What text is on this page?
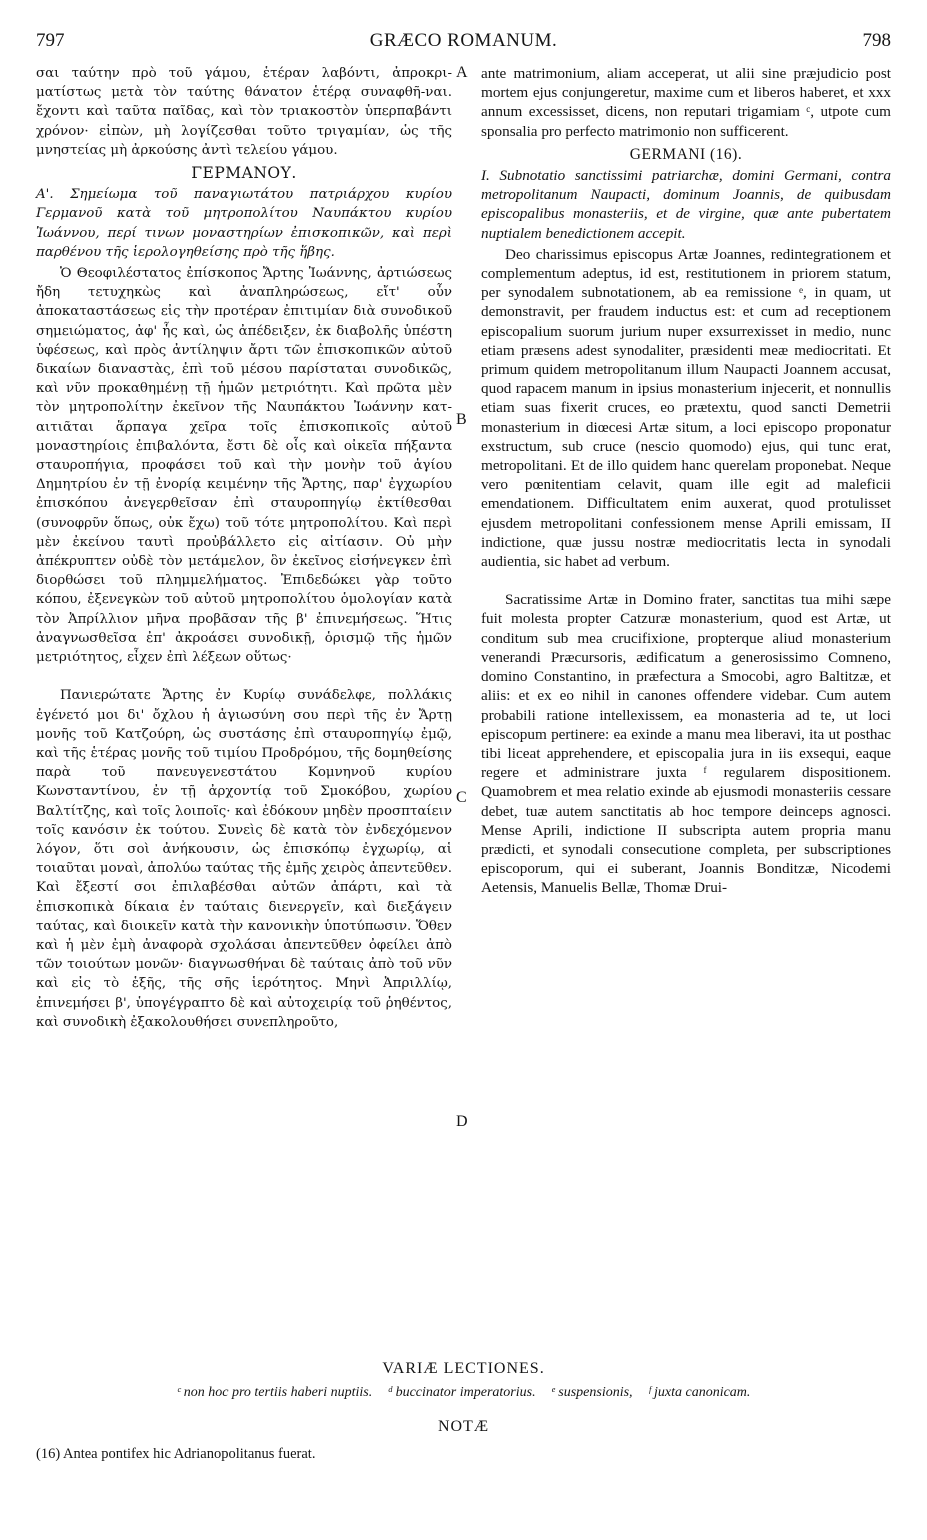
797	GRÆCO ROMANUM.	798
A
B
C
D

σαι ταύτην πρὸ τοῦ γάμου, ἑτέραν λαβόντι, ἀπροκρι-ματίστως μετὰ τὸν ταύτης θάνατον ἑτέρᾳ συναφθῆ-ναι. ἔχοντι καὶ ταῦτα παῖδας, καὶ τὸν τριακοστὸν ὑπερπαβάντι χρόνον· εἰπὼν, μὴ λογίζεσθαι τοῦτο τριγαμίαν, ὡς τῆς μνηστείας μὴ ἀρκούσης ἀντὶ τελείου γάμου.

ΓΕΡΜΑΝΟΥ.

Α'. Σημείωμα τοῦ παναγιωτάτου πατριάρχου κυρίου Γερμανοῦ κατὰ τοῦ μητροπολίτου Ναυπάκτου κυρίου Ἰωάννου, περί τινων μοναστηρίων ἐπισκοπικῶν, καὶ περὶ παρθένου τῆς ἱερολογηθείσης πρὸ τῆς ἥβης.

Ὁ Θεοφιλέστατος ἐπίσκοπος Ἄρτης Ἰωάννης, ἀρτιώσεως ἤδη τετυχηκὼς καὶ ἀναπληρώσεως, εἴτ' οὖν ἀποκαταστάσεως εἰς τὴν προτέραν ἐπιτιμίαν διὰ συνοδικοῦ σημειώματος, ἀφ' ἧς καὶ, ὡς ἀπέδειξεν, ἐκ διαβολῆς ὑπέστη ὑφέσεως, καὶ πρὸς ἀντίληψιν ἄρτι τῶν ἐπισκοπικῶν αὐτοῦ δικαίων διαναστὰς, ἐπὶ τοῦ μέσου παρίσταται συνοδικῶς, καὶ νῦν προκαθημένῃ τῇ ἡμῶν μετριότητι. Καὶ πρῶτα μὲν τὸν μητροπολίτην ἐκεῖνον τῆς Ναυπάκτου Ἰωάννην κατ-αιτιᾶται ἅρπαγα χεῖρα τοῖς ἐπισκοπικοῖς αὐτοῦ μοναστηρίοις ἐπιβαλόντα, ἔστι δὲ οἷς καὶ οἰκεῖα πήξαντα σταυροπήγια, προφάσει τοῦ καὶ τὴν μονὴν τοῦ ἁγίου Δημητρίου ἐν τῇ ἐνορίᾳ κειμένην τῆς Ἄρτης, παρ' ἐγχωρίου ἐπισκόπου ἀνεγερθεῖσαν ἐπὶ σταυροπηγίῳ ἐκτίθεσθαι (συνοφρῦν ὅπως, οὐκ ἔχω) τοῦ τότε μητροπολίτου. Καὶ περὶ μὲν ἐκείνου ταυτὶ προὐβάλλετο εἰς αἰτίασιν. Οὐ μὴν ἀπέκρυπτεν οὐδὲ τὸν μετάμελον, ὃν ἐκεῖνος εἰσήνεγκεν ἐπὶ διορθώσει τοῦ πλημμελήματος. Ἐπιδεδώκει γὰρ τοῦτο κόπου, ἐξενεγκὼν τοῦ αὐτοῦ μητροπολίτου ὁμολογίαν κατὰ τὸν Ἀπρίλλιον μῆνα προβᾶσαν τῆς β' ἐπινεμήσεως. Ἥτις ἀναγνωσθεῖσα ἐπ' ἀκροάσει συνοδικῇ, ὁρισμῷ τῆς ἡμῶν μετριότητος, εἶχεν ἐπὶ λέξεων οὕτως·

Πανιερώτατε Ἄρτης ἐν Κυρίῳ συνάδελφε, πολλάκις ἐγένετό μοι δι' ὄχλου ἡ ἁγιωσύνη σου περὶ τῆς ἐν Ἄρτῃ μονῆς τοῦ Κατζούρη, ὡς συστάσης ἐπὶ σταυροπηγίῳ ἐμῷ, καὶ τῆς ἑτέρας μονῆς τοῦ τιμίου Προδρόμου, τῆς δομηθείσης παρὰ τοῦ πανευγενεστάτου Κομνηνοῦ κυρίου Κωνσταντίνου, ἐν τῇ ἀρχοντίᾳ τοῦ Σμοκόβου, χωρίου Βαλτίτζης, καὶ τοῖς λοιποῖς· καὶ ἐδόκουν μηδὲν προσπταίειν τοῖς κανόσιν ἐκ τούτου. Συνεὶς δὲ κατὰ τὸν ἐνδεχόμενον λόγον, ὅτι σοὶ ἀνήκουσιν, ὡς ἐπισκόπῳ ἐγχωρίῳ, αἱ τοιαῦται μοναὶ, ἀπολύω ταύτας τῆς ἐμῆς χειρὸς ἀπεντεῦθεν. Καὶ ἔξεστί σοι ἐπιλαβέσθαι αὐτῶν ἀπάρτι, καὶ τὰ ἐπισκοπικὰ δίκαια ἐν ταύταις διενεργεῖν, καὶ διεξάγειν ταύτας, καὶ διοικεῖν κατὰ τὴν κανονικὴν ὑποτύπωσιν. Ὅθεν καὶ ἡ μὲν ἐμὴ ἀναφορὰ σχολάσαι ἀπεντεῦθεν ὀφείλει ἀπὸ τῶν τοιούτων μονῶν· διαγνωσθήναι δὲ ταύταις ἀπὸ τοῦ νῦν καὶ εἰς τὸ ἑξῆς, τῆς σῆς ἱερότητος. Μηνὶ Ἀπριλλίῳ, ἐπινεμήσει β', ὑπογέγραπτο δὲ καὶ αὐτοχειρίᾳ τοῦ ῥηθέντος, καὶ συνοδικὴ ἐξακολουθήσει συνεπληροῦτο,

ante matrimonium, aliam acceperat, ut alii sine præjudicio post mortem ejus conjungeretur, maxime cum et liberos haberet, et xxx annum excessisset, dicens, non reputari trigamiam ᶜ, utpote cum sponsalia pro perfecto matrimonio non sufficerent.

GERMANI (16).

I. Subnotatio sanctissimi patriarchæ, domini Germani, contra metropolitanum Naupacti, dominum Joannis, de quibusdam episcopalibus monasteriis, et de virgine, quæ ante pubertatem nuptialem benedictionem accepit.

Deo charissimus episcopus Artæ Joannes, redintegrationem et complementum adeptus, id est, restitutionem in priorem statum, per synodalem subnotationem, ab ea remissione ᵉ, in quam, ut demonstravit, per fraudem inductus est: et cum ad receptionem episcopalium suorum jurium nuper exsurrexisset in medio, nunc etiam præsens adest synodaliter, præsidenti meæ mediocritati. Et primum quidem metropolitanum illum Naupacti Joannem accusat, quod rapacem manum in ipsius monasterium injecerit, et nonnullis etiam suas fixerit cruces, eo prætextu, quod sancti Demetrii monasterium in diœcesi Artæ situm, a loci episcopo proponatur exstructum, sub cruce (nescio quomodo) ejus, qui tunc erat, metropolitani. Et de illo quidem hanc querelam proponebat. Neque vero pœnitentiam celavit, quam ille egit ad maleficii emendationem. Difficultatem enim auxerat, quod protulisset ejusdem metropolitani confessionem mense Aprili emissam, II indictione, quæ jussu nostræ mediocritatis lecta in synodali audientia, sic habet ad verbum.

Sacratissime Artæ in Domino frater, sanctitas tua mihi sæpe fuit molesta propter Catzuræ monasterium, quod est Artæ, ut conditum sub mea crucifixione, propterque aliud monasterium venerandi Præcursoris, ædificatum a generosissimo Comneno, domino Constantino, in præfectura a Smocobi, agro Baltitzæ, et aliis: et ex eo nihil in canones offendere videbar. Cum autem probabili ratione intellexissem, ea monasteria ad te, ut loci episcopum pertinere: ea exinde a manu mea liberavi, ita ut posthac tibi liceat apprehendere, et episcopalia jura in iis exsequi, eaque regere et administrare juxta ᶠ regularem dispositionem. Quamobrem et mea relatio exinde ab ejusmodi monasteriis cessare debet, tuæ autem sanctitatis ab hoc tempore deinceps agnosci. Mense Aprili, indictione II subscripta autem propria manu prædicti, et synodali consecutione completa, per subscriptiones episcoporum, qui ei suberant, Joannis Bonditzæ, Nicodemi Aetensis, Manuelis Bellæ, Thomæ Drui-

VARIÆ LECTIONES.
ᶜ non hoc pro tertiis haberi nuptiis. ᵈ buccinator imperatorius. ᵉ suspensionis, ᶠ juxta canonicam.
NOTÆ
(16) Antea pontifex hic Adrianopolitanus fuerat.
